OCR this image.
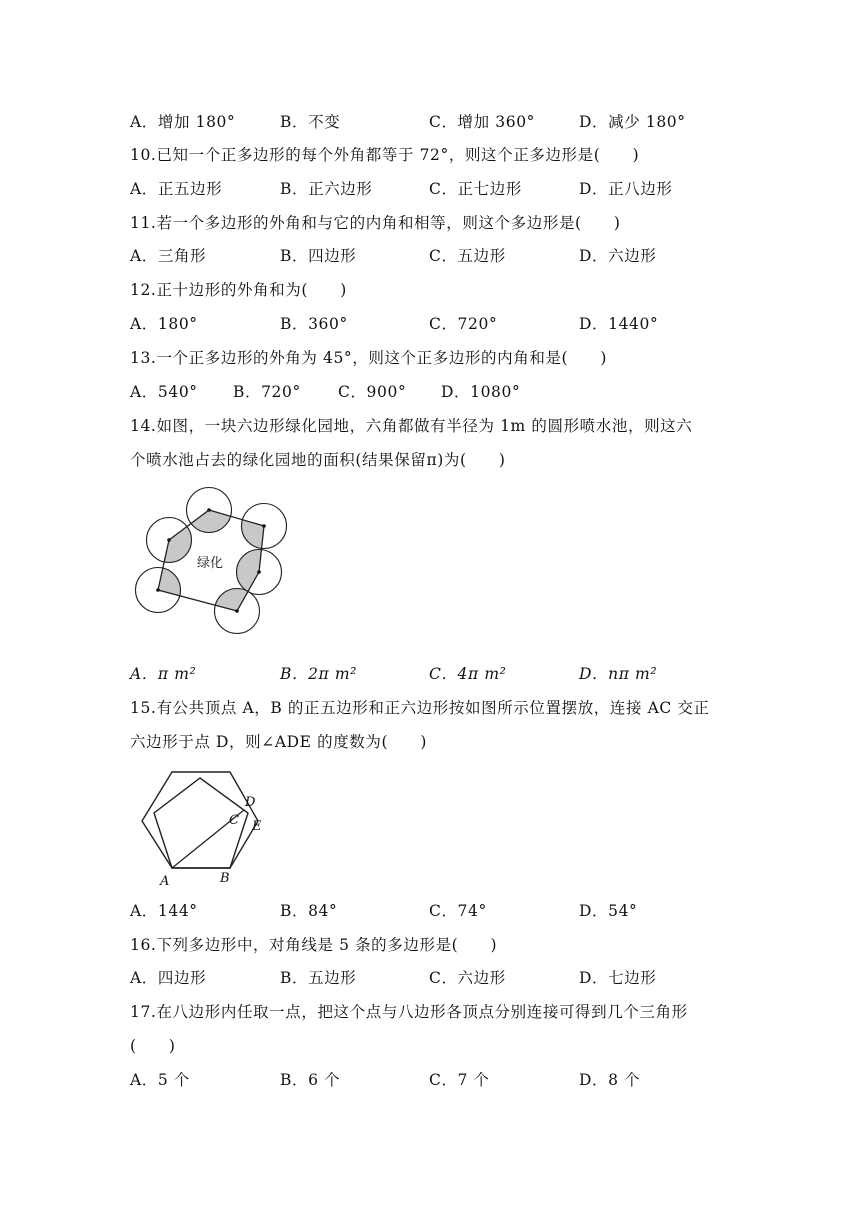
A．增加 180°	B．不变	C．增加 360°	D．减少 180°
10.已知一个正多边形的每个外角都等于 72°，则这个正多边形是(　　)
A．正五边形	B．正六边形	C．正七边形	D．正八边形
11.若一个多边形的外角和与它的内角和相等，则这个多边形是(　　)
A．三角形	B．四边形	C．五边形	D．六边形
12.正十边形的外角和为(　　)
A．180°	B．360°	C．720°	D．1440°
13.一个正多边形的外角为 45°，则这个正多边形的内角和是(　　)
A．540° B．720° C．900° D．1080°
14.如图，一块六边形绿化园地，六角都做有半径为 1m 的圆形喷水池，则这六
个喷水池占去的绿化园地的面积(结果保留π)为(　　)
绿化
A．π m²	B．2π m²	C．4π m²	D．nπ m²
15.有公共顶点 A，B 的正五边形和正六边形按如图所示位置摆放，连接 AC 交正
六边形于点 D，则∠ADE 的度数为(　　)
A	B
C
D
E
A．144°	B．84°	C．74°	D．54°
16.下列多边形中，对角线是 5 条的多边形是(　　)
A．四边形	B．五边形	C．六边形	D．七边形
17.在八边形内任取一点，把这个点与八边形各顶点分别连接可得到几个三角形
(　　)
A．5 个	B．6 个	C．7 个	D．8 个
